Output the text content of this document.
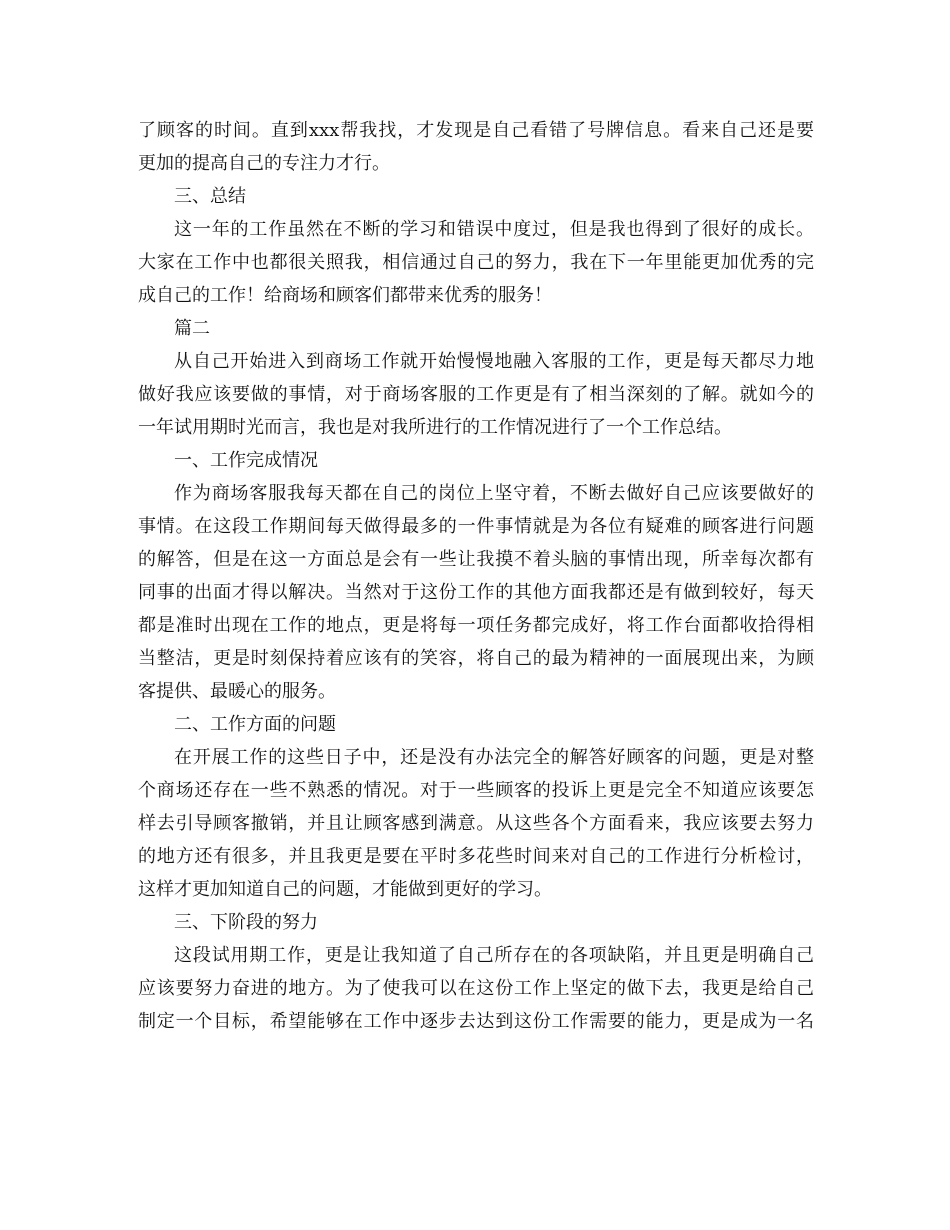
了顾客的时间。直到xxx帮我找，才发现是自己看错了号牌信息。看来自己还是要
更加的提高自己的专注力才行。
三、总结
这一年的工作虽然在不断的学习和错误中度过，但是我也得到了很好的成长。
大家在工作中也都很关照我，相信通过自己的努力，我在下一年里能更加优秀的完
成自己的工作！给商场和顾客们都带来优秀的服务！
篇二
从自己开始进入到商场工作就开始慢慢地融入客服的工作，更是每天都尽力地
做好我应该要做的事情，对于商场客服的工作更是有了相当深刻的了解。就如今的
一年试用期时光而言，我也是对我所进行的工作情况进行了一个工作总结。
一、工作完成情况
作为商场客服我每天都在自己的岗位上坚守着，不断去做好自己应该要做好的
事情。在这段工作期间每天做得最多的一件事情就是为各位有疑难的顾客进行问题
的解答，但是在这一方面总是会有一些让我摸不着头脑的事情出现，所幸每次都有
同事的出面才得以解决。当然对于这份工作的其他方面我都还是有做到较好，每天
都是准时出现在工作的地点，更是将每一项任务都完成好，将工作台面都收拾得相
当整洁，更是时刻保持着应该有的笑容，将自己的最为精神的一面展现出来，为顾
客提供、最暖心的服务。
二、工作方面的问题
在开展工作的这些日子中，还是没有办法完全的解答好顾客的问题，更是对整
个商场还存在一些不熟悉的情况。对于一些顾客的投诉上更是完全不知道应该要怎
样去引导顾客撤销，并且让顾客感到满意。从这些各个方面看来，我应该要去努力
的地方还有很多，并且我更是要在平时多花些时间来对自己的工作进行分析检讨，
这样才更加知道自己的问题，才能做到更好的学习。
三、下阶段的努力
这段试用期工作，更是让我知道了自己所存在的各项缺陷，并且更是明确自己
应该要努力奋进的地方。为了使我可以在这份工作上坚定的做下去，我更是给自己
制定一个目标，希望能够在工作中逐步去达到这份工作需要的能力，更是成为一名
